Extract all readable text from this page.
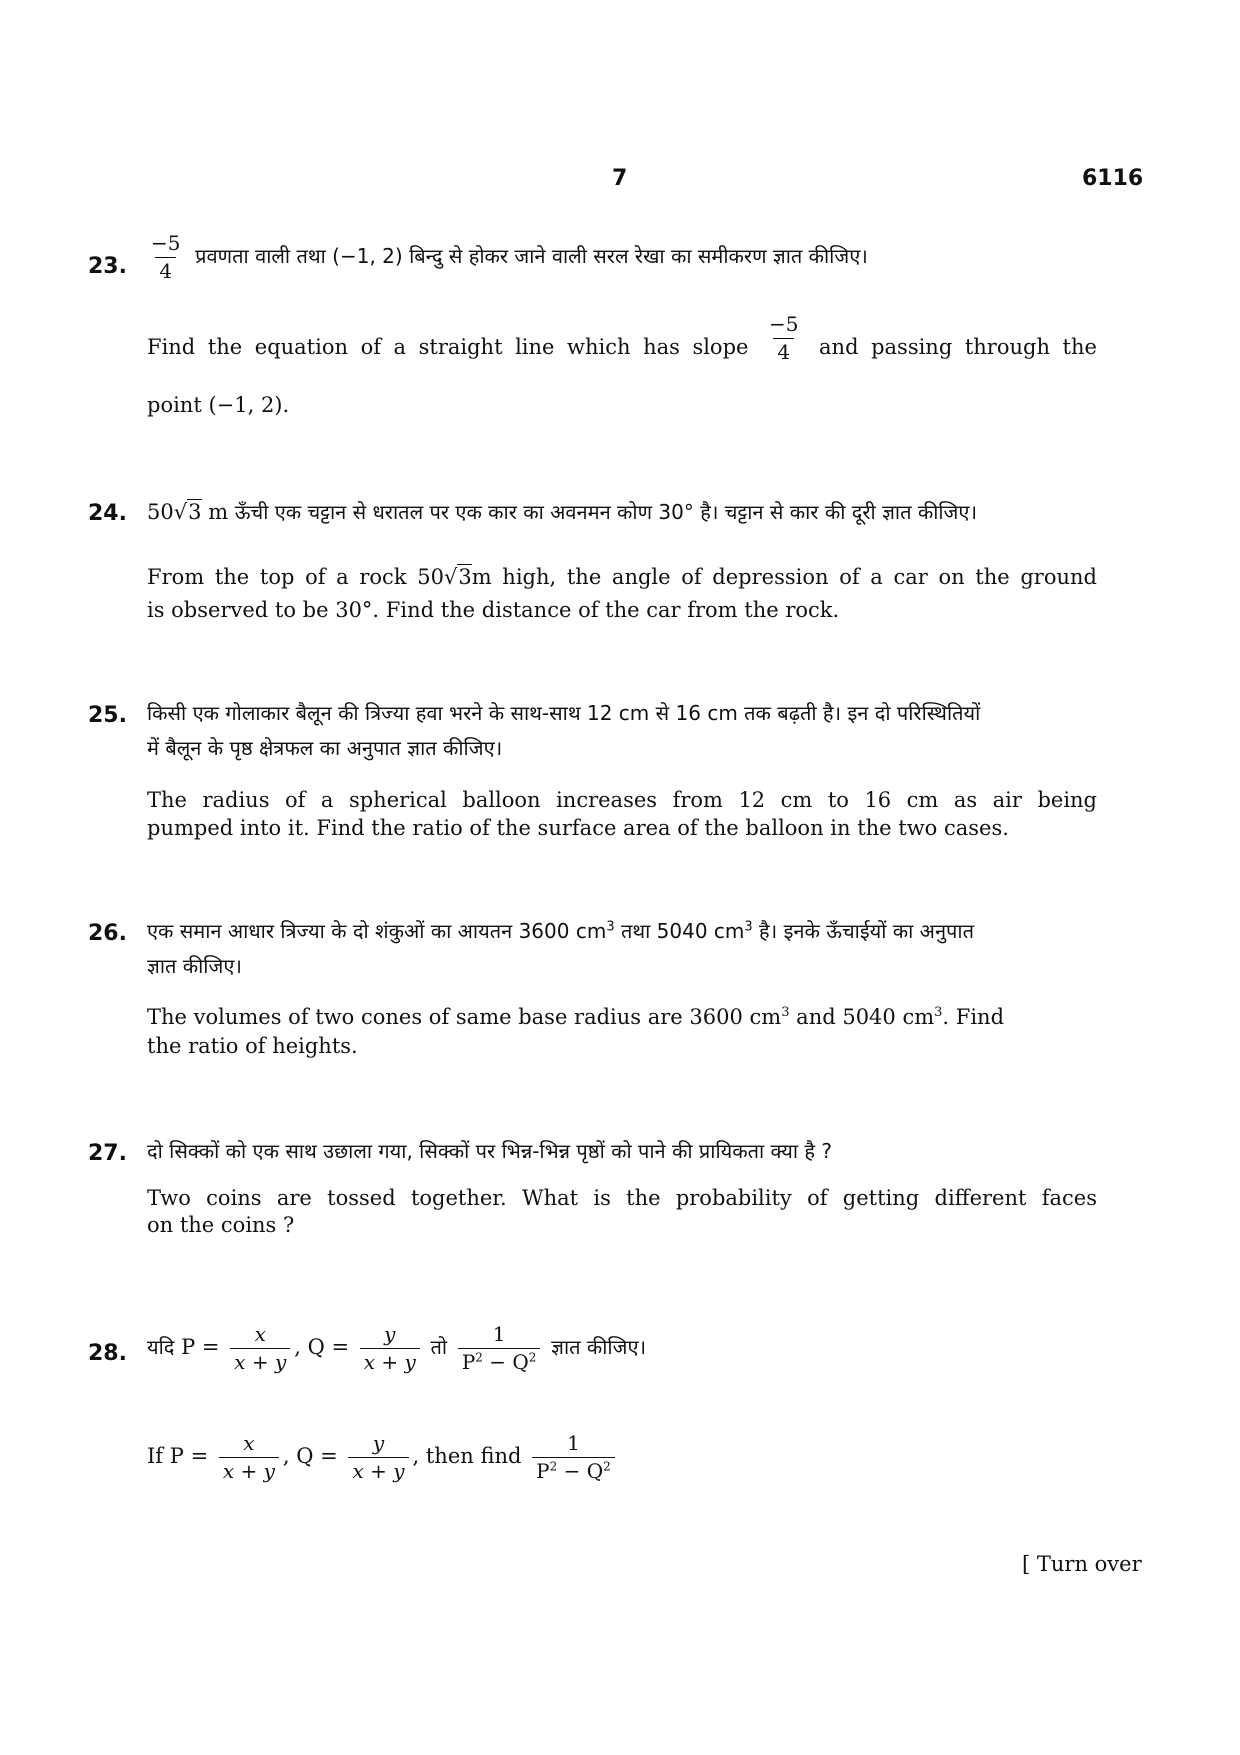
7	6116
23. $\frac{-5}{4}$ प्रवणता वाली तथा (−1, 2) बिन्दु से होकर जाने वाली सरल रेखा का समीकरण ज्ञात कीजिए।
Find the equation of a straight line which has slope $\frac{-5}{4}$ and passing through the
point (−1, 2).
24. 50√3 m ऊँची एक चट्टान से धरातल पर एक कार का अवनमन कोण 30° है। चट्टान से कार की दूरी ज्ञात कीजिए।
From the top of a rock 50√3m high, the angle of depression of a car on the ground
is observed to be 30°. Find the distance of the car from the rock.
25. किसी एक गोलाकार बैलून की त्रिज्या हवा भरने के साथ-साथ 12 cm से 16 cm तक बढ़ती है। इन दो परिस्थितियों
में बैलून के पृष्ठ क्षेत्रफल का अनुपात ज्ञात कीजिए।
The radius of a spherical balloon increases from 12 cm to 16 cm as air being
pumped into it. Find the ratio of the surface area of the balloon in the two cases.
26. एक समान आधार त्रिज्या के दो शंकुओं का आयतन 3600 $cm^3$ तथा 5040 $cm^3$ है। इनके ऊँचाईयों का अनुपात
ज्ञात कीजिए।
The volumes of two cones of same base radius are 3600 $cm^3$ and 5040 $cm^3$. Find
the ratio of heights.
27. दो सिक्कों को एक साथ उछाला गया, सिक्कों पर भिन्न-भिन्न पृष्ठों को पाने की प्रायिकता क्या है ?
Two coins are tossed together. What is the probability of getting different faces
on the coins ?
28. यदि $P = \frac{x}{x + y}$ , $Q = \frac{y}{x + y}$ तो $\frac{1}{P^2 - Q^2}$ ज्ञात कीजिए।
If $P = \frac{x}{x + y}$ , $Q = \frac{y}{x + y}$ , then find $\frac{1}{P^2 - Q^2}$
[ Turn over
